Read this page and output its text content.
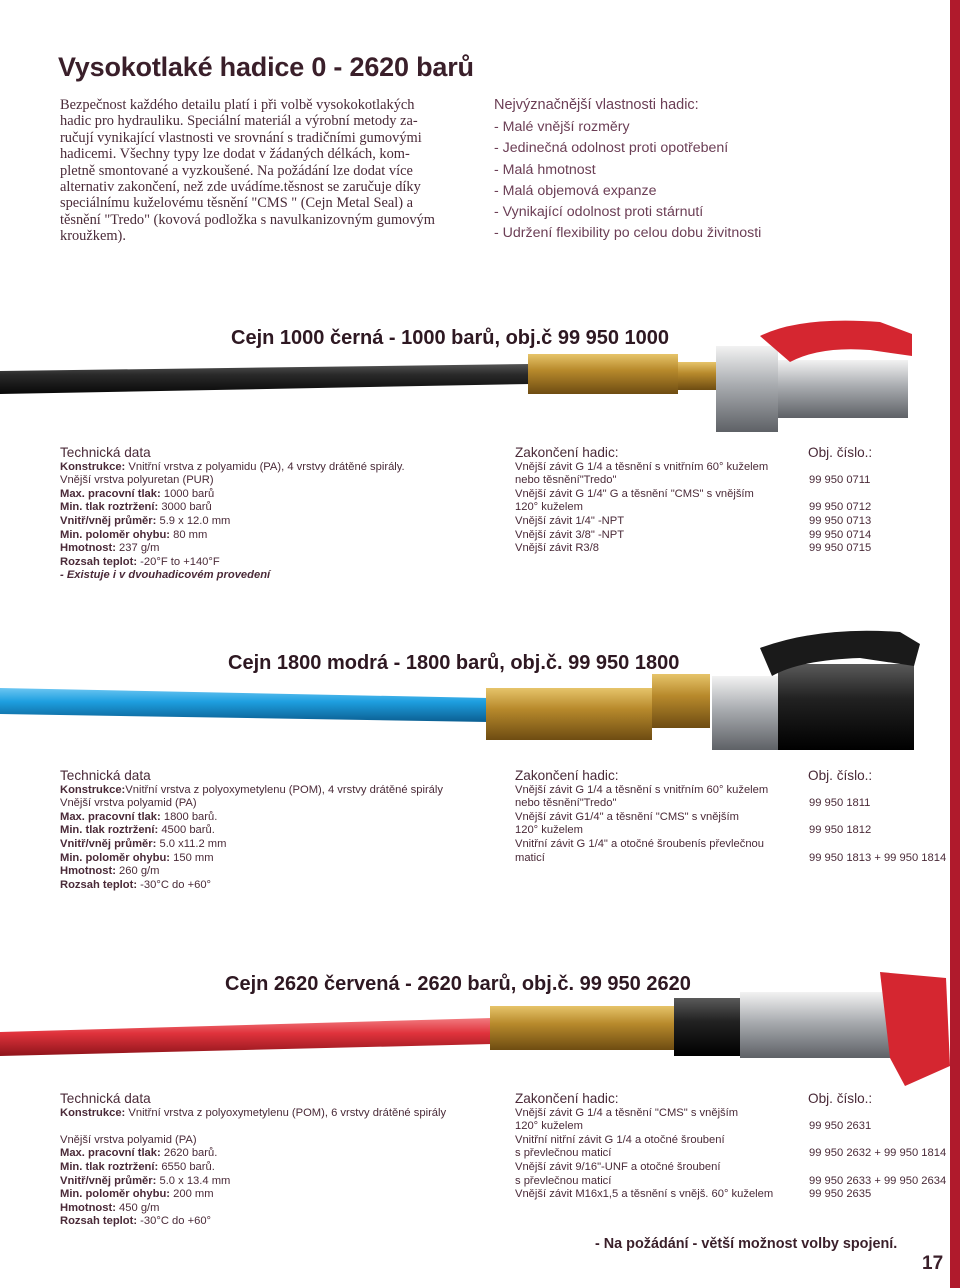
Vysokotlaké hadice 0 - 2620 barů
Bezpečnost každého detailu platí i při volbě vysokokotlakých
hadic pro hydrauliku. Speciální materiál a výrobní metody za-
ručují vynikající vlastnosti ve srovnání s tradičními gumovými
hadicemi. Všechny typy lze dodat v žádaných délkách, kom-
pletně smontované a vyzkoušené. Na požádání lze dodat více
alternativ zakončení, než zde uvádíme.těsnost se zaručuje díky
speciálnímu kuželovému těsnění "CMS " (Cejn Metal Seal) a
těsnění "Tredo" (kovová podložka s navulkanizovným gumovým
kroužkem).
Nejvýznačnější vlastnosti hadic:
- Malé vnější rozměry
- Jedinečná odolnost proti opotřebení
- Malá hmotnost
- Malá objemová expanze
- Vynikající odolnost proti stárnutí
- Udržení flexibility po celou dobu živitnosti
Cejn 1000 černá - 1000 barů, obj.č 99 950 1000
Technická data
Konstrukce: Vnitřní vrstva z polyamidu (PA), 4 vrstvy drátěné spirály.
Vnější vrstva polyuretan (PUR)
Max. pracovní tlak: 1000 barů
Min. tlak roztržení: 3000 barů
Vnitř/vněj průměr: 5.9 x 12.0 mm
Min. poloměr ohybu: 80 mm
Hmotnost: 237 g/m
Rozsah teplot: -20°F to +140°F
- Existuje i v dvouhadicovém provedení
Zakončení hadic:	Obj. číslo.:
Vnější závit G 1/4 a těsnění s vnitřním 60° kuželem
nebo těsnění"Tredo"	99 950 0711
Vnější závit G 1/4" G a těsnění "CMS" s vnějším
120° kuželem	99 950 0712
Vnější závit 1/4" -NPT	99 950 0713
Vnější závit 3/8" -NPT	99 950 0714
Vnější závit R3/8	99 950 0715
Cejn 1800 modrá - 1800 barů, obj.č. 99 950 1800
Technická data
Konstrukce:Vnitřní vrstva z polyoxymetylenu (POM), 4 vrstvy drátěné spirály
Vnější vrstva polyamid (PA)
Max. pracovní tlak: 1800 barů.
Min. tlak roztržení: 4500 barů.
Vnitř/vněj průměr: 5.0 x11.2 mm
Min. poloměr ohybu: 150 mm
Hmotnost: 260 g/m
Rozsah teplot: -30°C do +60°
Zakončení hadic:	Obj. číslo.:
Vnější závit G 1/4 a těsnění s vnitřním 60° kuželem
nebo těsnění"Tredo"	99 950 1811
Vnější závit G1/4" a těsnění "CMS" s vnějším
120° kuželem	99 950 1812
Vnitřní závit G 1/4" a otočné šroubenís převlečnou
maticí	99 950 1813 + 99 950 1814
Cejn 2620 červená - 2620 barů, obj.č. 99 950 2620
Technická data
Konstrukce: Vnitřní vrstva z polyoxymetylenu (POM), 6 vrstvy drátěné spirály
Vnější vrstva polyamid (PA)
Max. pracovní tlak: 2620 barů.
Min. tlak roztržení: 6550 barů.
Vnitř/vněj průměr: 5.0 x 13.4 mm
Min. poloměr ohybu: 200 mm
Hmotnost: 450 g/m
Rozsah teplot: -30°C do +60°
Zakončení hadic:	Obj. číslo.:
Vnější závit G 1/4 a těsnění "CMS" s vnějším
120° kuželem	99 950 2631
Vnitřní nitřní závit G 1/4 a otočné šroubení
s převlečnou maticí	99 950 2632 + 99 950 1814
Vnější závit 9/16"-UNF a otočné šroubení
s převlečnou maticí	99 950 2633 + 99 950 2634
Vnější závit M16x1,5 a těsnění s vnějš. 60° kuželem	99 950 2635
- Na požádání - větší možnost volby spojení.
17
